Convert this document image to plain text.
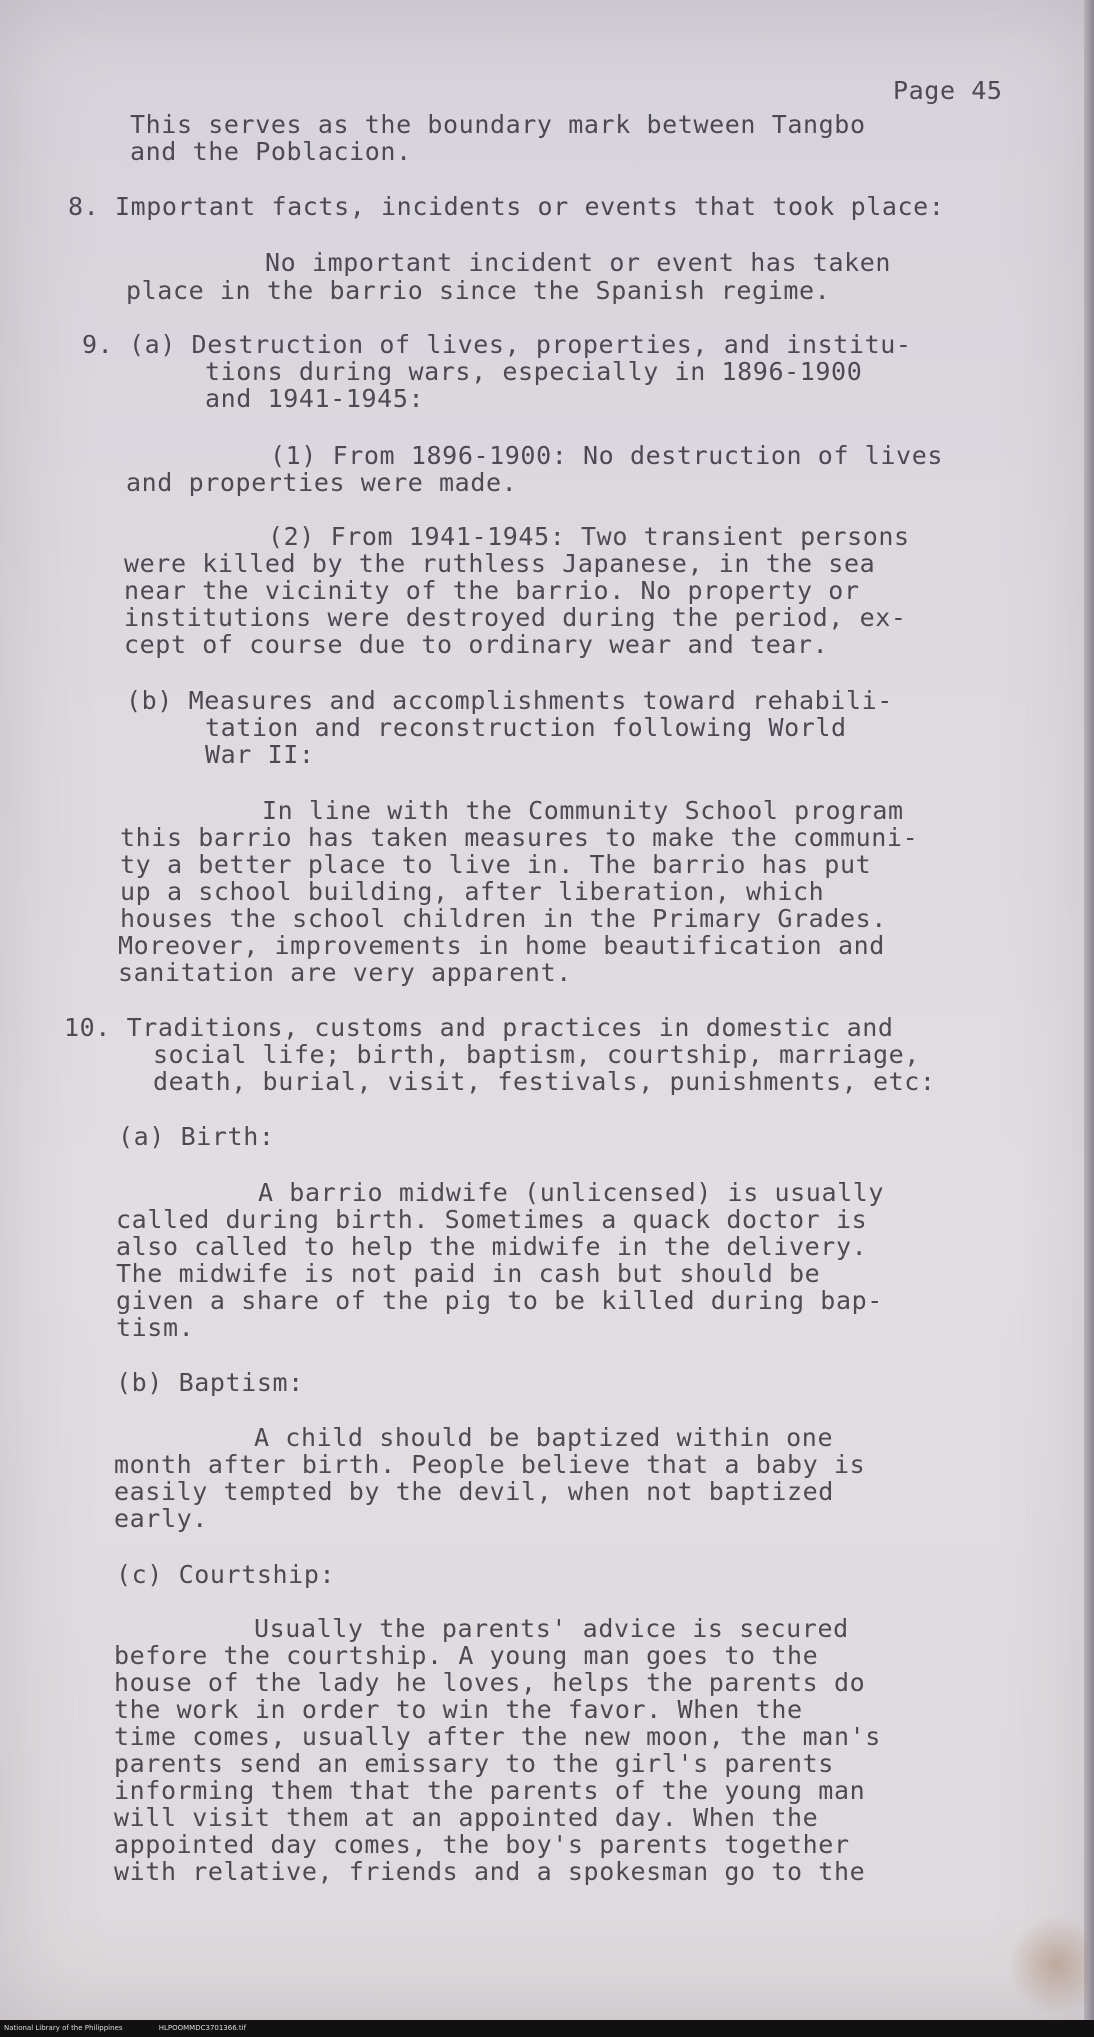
Page 45

This serves as the boundary mark between Tangbo

and the Poblacion.

8. Important facts, incidents or events that took place:

No important incident or event has taken

place in the barrio since the Spanish regime.

9. (a) Destruction of lives, properties, and institu-

tions during wars, especially in 1896-1900

and 1941-1945:

(1) From 1896-1900: No destruction of lives

and properties were made.

(2) From 1941-1945: Two transient persons

were killed by the ruthless Japanese, in the sea

near the vicinity of the barrio. No property or

institutions were destroyed during the period, ex-

cept of course due to ordinary wear and tear.

(b) Measures and accomplishments toward rehabili-

tation and reconstruction following World

War II:

In line with the Community School program

this barrio has taken measures to make the communi-

ty a better place to live in. The barrio has put

up a school building, after liberation, which

houses the school children in the Primary Grades.

Moreover, improvements in home beautification and

sanitation are very apparent.

10. Traditions, customs and practices in domestic and

social life; birth, baptism, courtship, marriage,

death, burial, visit, festivals, punishments, etc:

(a) Birth:

A barrio midwife (unlicensed) is usually

called during birth. Sometimes a quack doctor is

also called to help the midwife in the delivery.

The midwife is not paid in cash but should be

given a share of the pig to be killed during bap-

tism.

(b) Baptism:

A child should be baptized within one

month after birth. People believe that a baby is

easily tempted by the devil, when not baptized

early.

(c) Courtship:

Usually the parents' advice is secured

before the courtship. A young man goes to the

house of the lady he loves, helps the parents do

the work in order to win the favor. When the

time comes, usually after the new moon, the man's

parents send an emissary to the girl's parents

informing them that the parents of the young man

will visit them at an appointed day. When the

appointed day comes, the boy's parents together

with relative, friends and a spokesman go to the

National Library of the Philippines	HLPOOMMDC3701366.tif
